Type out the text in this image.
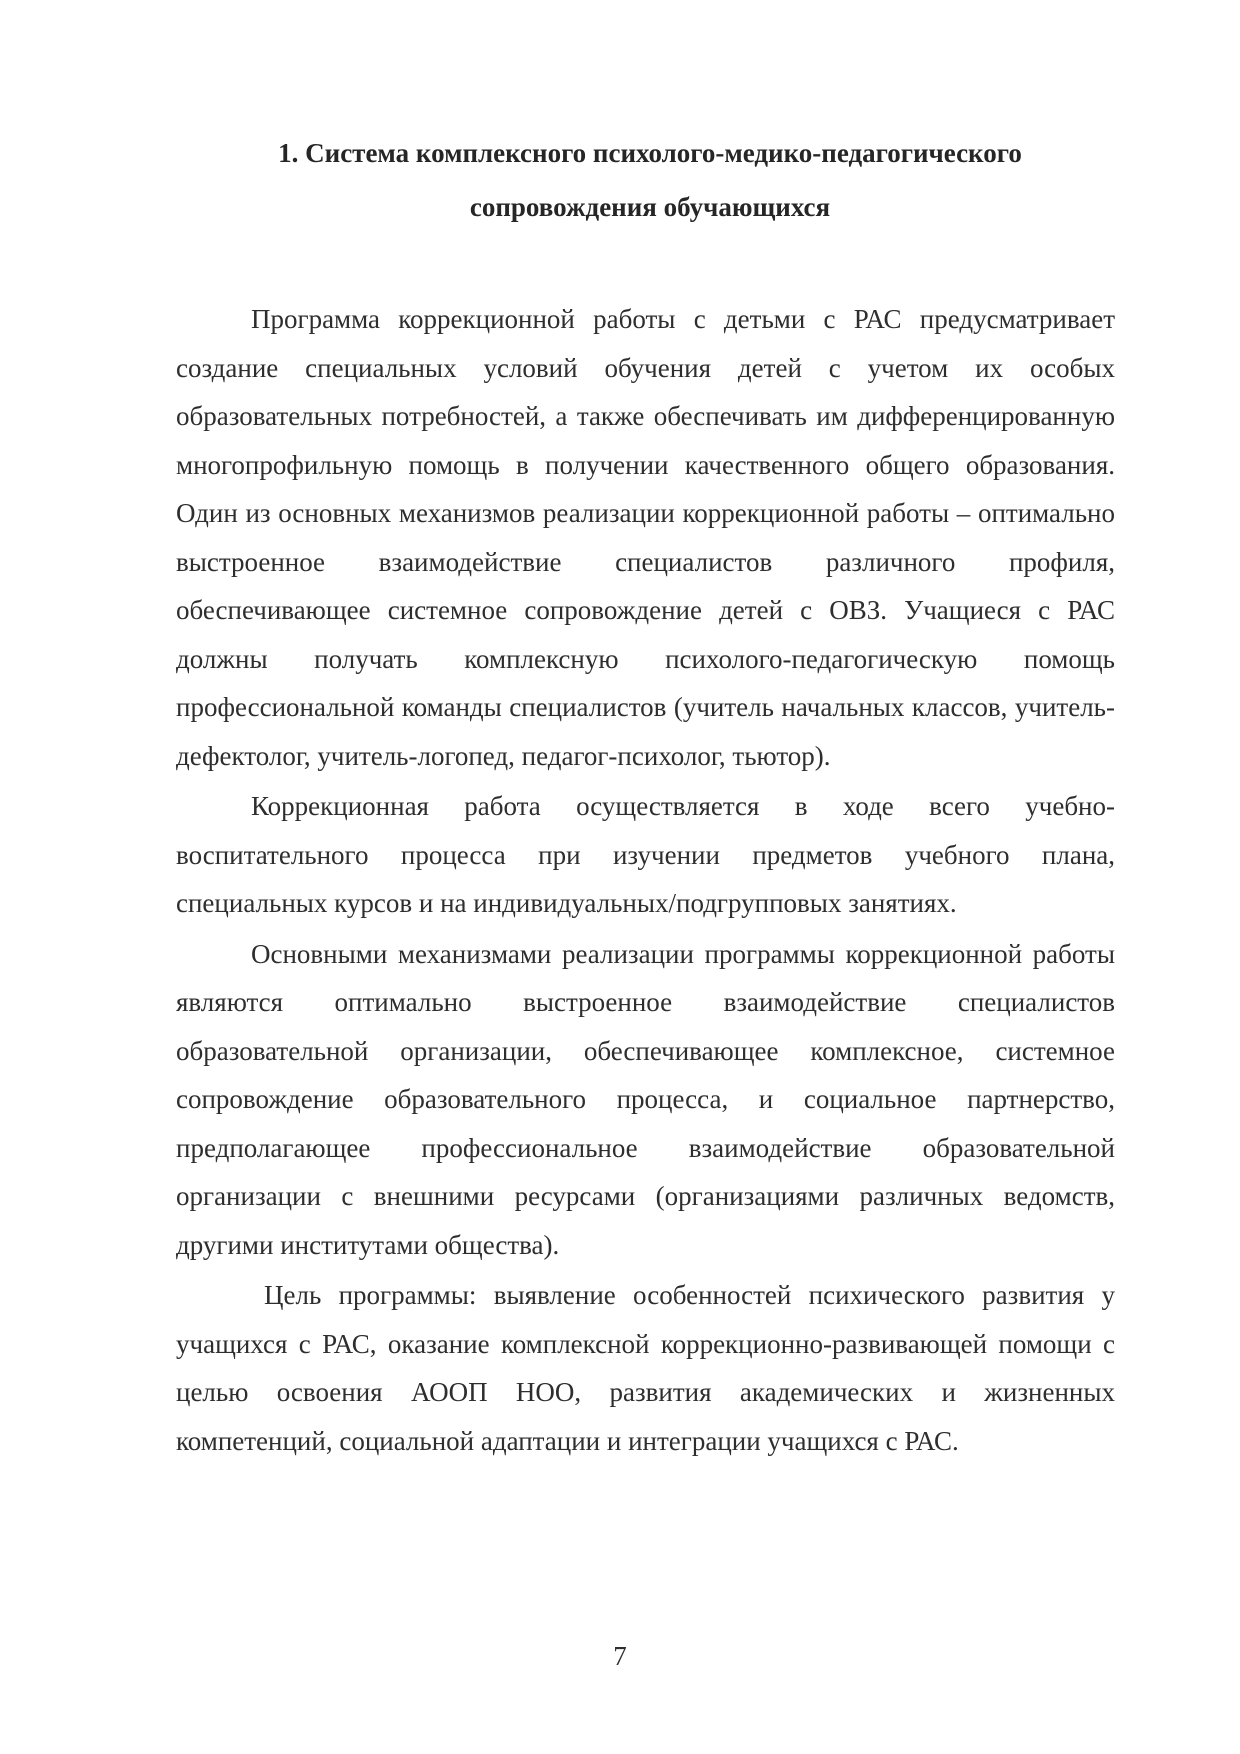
1. Система комплексного психолого-медико-педагогического
сопровождения обучающихся

Программа коррекционной работы с детьми с РАС предусматривает создание специальных условий обучения детей с учетом их особых образовательных потребностей, а также обеспечивать им дифференцированную многопрофильную помощь в получении качественного общего образования. Один из основных механизмов реализации коррекционной работы – оптимально выстроенное взаимодействие специалистов различного профиля, обеспечивающее системное сопровождение детей с ОВЗ. Учащиеся с РАС должны получать комплексную психолого-педагогическую помощь профессиональной команды специалистов (учитель начальных классов, учитель-дефектолог, учитель-логопед, педагог-психолог, тьютор).

Коррекционная работа осуществляется в ходе всего учебно-воспитательного процесса при изучении предметов учебного плана, специальных курсов и на индивидуальных/подгрупповых занятиях.

Основными механизмами реализации программы коррекционной работы являются оптимально выстроенное взаимодействие специалистов образовательной организации, обеспечивающее комплексное, системное сопровождение образовательного процесса, и социальное партнерство, предполагающее профессиональное взаимодействие образовательной организации с внешними ресурсами (организациями различных ведомств, другими институтами общества).

Цель программы: выявление особенностей психического развития у учащихся с РАС, оказание комплексной коррекционно-развивающей помощи с целью освоения АООП НОО, развития академических и жизненных компетенций, социальной адаптации и интеграции учащихся с РАС.

7
